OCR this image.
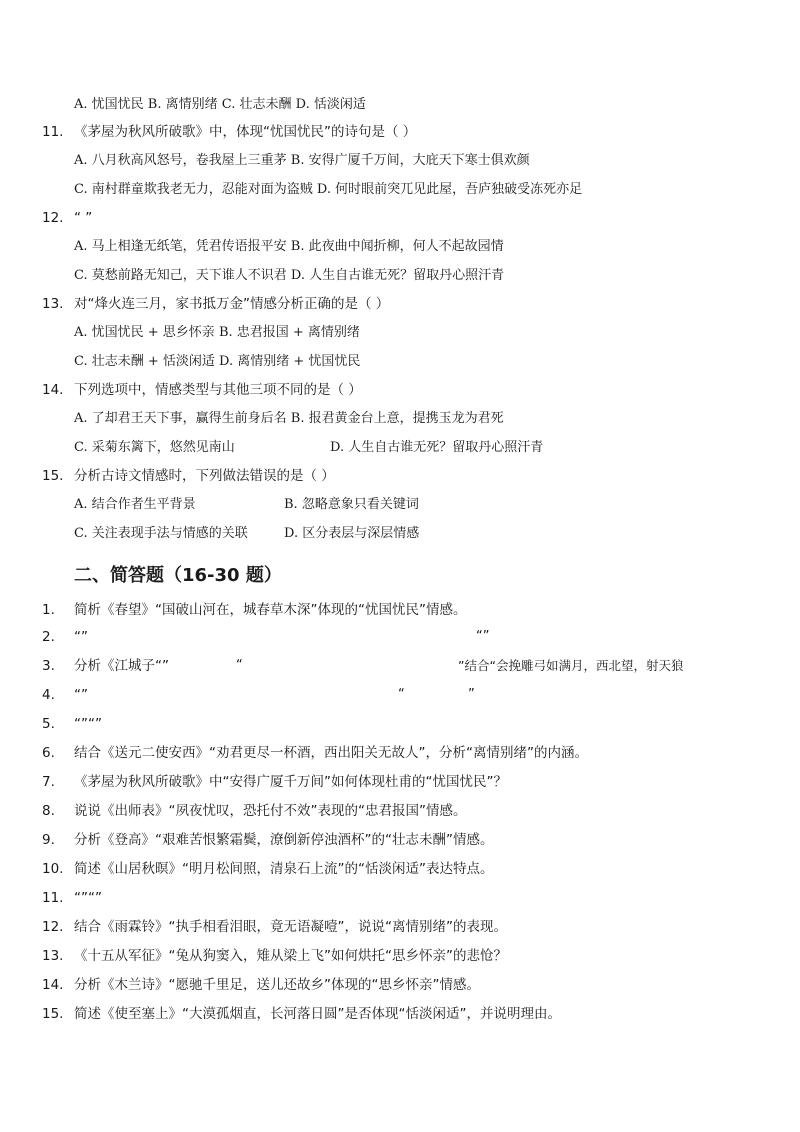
A. 忧国忧民 B. 离情别绪 C. 壮志未酬 D. 恬淡闲适
11. 《茅屋为秋风所破歌》中，体现“忧国忧民”的诗句是（ ）
A. 八月秋高风怒号，卷我屋上三重茅 B. 安得广厦千万间，大庇天下寒士俱欢颜
C. 南村群童欺我老无力，忍能对面为盗贼 D. 何时眼前突兀见此屋，吾庐独破受冻死亦足
12. “ ”
A. 马上相逢无纸笔，凭君传语报平安 B. 此夜曲中闻折柳，何人不起故园情
C. 莫愁前路无知己，天下谁人不识君 D. 人生自古谁无死？留取丹心照汗青
13. 对“烽火连三月，家书抵万金”情感分析正确的是（ ）
A. 忧国忧民 + 思乡怀亲 B. 忠君报国 + 离情别绪
C. 壮志未酬 + 恬淡闲适 D. 离情别绪 + 忧国忧民
14. 下列选项中，情感类型与其他三项不同的是（ ）
A. 了却君王天下事，赢得生前身后名 B. 报君黄金台上意，提携玉龙为君死
C. 采菊东篱下，悠然见南山	D. 人生自古谁无死？留取丹心照汗青
15. 分析古诗文情感时，下列做法错误的是（ ）
A. 结合作者生平背景	B. 忽略意象只看关键词
C. 关注表现手法与情感的关联	D. 区分表层与深层情感
二、简答题（16-30 题）
1.	简析《春望》“国破山河在，城春草木深”体现的“忧国忧民”情感。
2.	“”	“”
3.	分析《江城子“”	“	”结合“会挽雕弓如满月，西北望，射天狼
4.	“”	“	”
5.	“”“”
6.	结合《送元二使安西》“劝君更尽一杯酒，西出阳关无故人”，分析“离情别绪”的内涵。
7.	《茅屋为秋风所破歌》中“安得广厦千万间”如何体现杜甫的“忧国忧民”？
8.	说说《出师表》“夙夜忧叹，恐托付不效”表现的“忠君报国”情感。
9.	分析《登高》“艰难苦恨繁霜鬓，潦倒新停浊酒杯”的“壮志未酬”情感。
10. 简述《山居秋暝》“明月松间照，清泉石上流”的“恬淡闲适”表达特点。
11. “”“”
12. 结合《雨霖铃》“执手相看泪眼，竟无语凝噎”，说说“离情别绪”的表现。
13. 《十五从军征》“兔从狗窦入，雉从梁上飞”如何烘托“思乡怀亲”的悲怆？
14. 分析《木兰诗》“愿驰千里足，送儿还故乡”体现的“思乡怀亲”情感。
15. 简述《使至塞上》“大漠孤烟直，长河落日圆”是否体现“恬淡闲适”，并说明理由。
